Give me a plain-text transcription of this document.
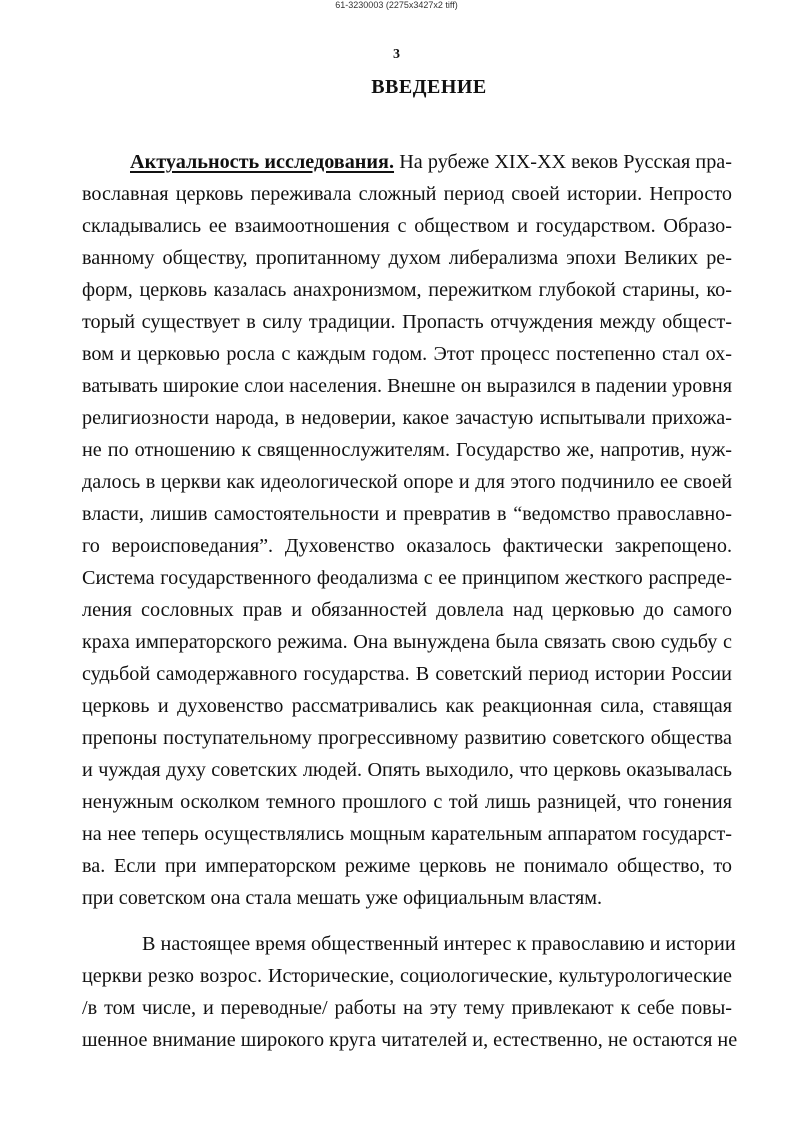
61-3230003 (2275x3427x2 tiff)
3
ВВЕДЕНИЕ
Актуальность исследования. На рубеже XIX-XX веков Русская пра-
вославная церковь переживала сложный период своей истории. Непросто
складывались ее взаимоотношения с обществом и государством. Образо-
ванному обществу, пропитанному духом либерализма эпохи Великих ре-
форм, церковь казалась анахронизмом, пережитком глубокой старины, ко-
торый существует в силу традиции. Пропасть отчуждения между общест-
вом и церковью росла с каждым годом. Этот процесс постепенно стал ох-
ватывать широкие слои населения. Внешне он выразился в падении уровня
религиозности народа, в недоверии, какое зачастую испытывали прихожа-
не по отношению к священнослужителям. Государство же, напротив, нуж-
далось в церкви как идеологической опоре и для этого подчинило ее своей
власти, лишив самостоятельности и превратив в “ведомство православно-
го вероисповедания”. Духовенство оказалось фактически закрепощено.
Система государственного феодализма с ее принципом жесткого распреде-
ления сословных прав и обязанностей довлела над церковью до самого
краха императорского режима. Она вынуждена была связать свою судьбу с
судьбой самодержавного государства. В советский период истории России
церковь и духовенство рассматривались как реакционная сила, ставящая
препоны поступательному прогрессивному развитию советского общества
и чуждая духу советских людей. Опять выходило, что церковь оказывалась
ненужным осколком темного прошлого с той лишь разницей, что гонения
на нее теперь осуществлялись мощным карательным аппаратом государст-
ва. Если при императорском режиме церковь не понимало общество, то
при советском она стала мешать уже официальным властям.
В настоящее время общественный интерес к православию и истории
церкви резко возрос. Исторические, социологические, культурологические
/в том числе, и переводные/ работы на эту тему привлекают к себе повы-
шенное внимание широкого круга читателей и, естественно, не остаются не
